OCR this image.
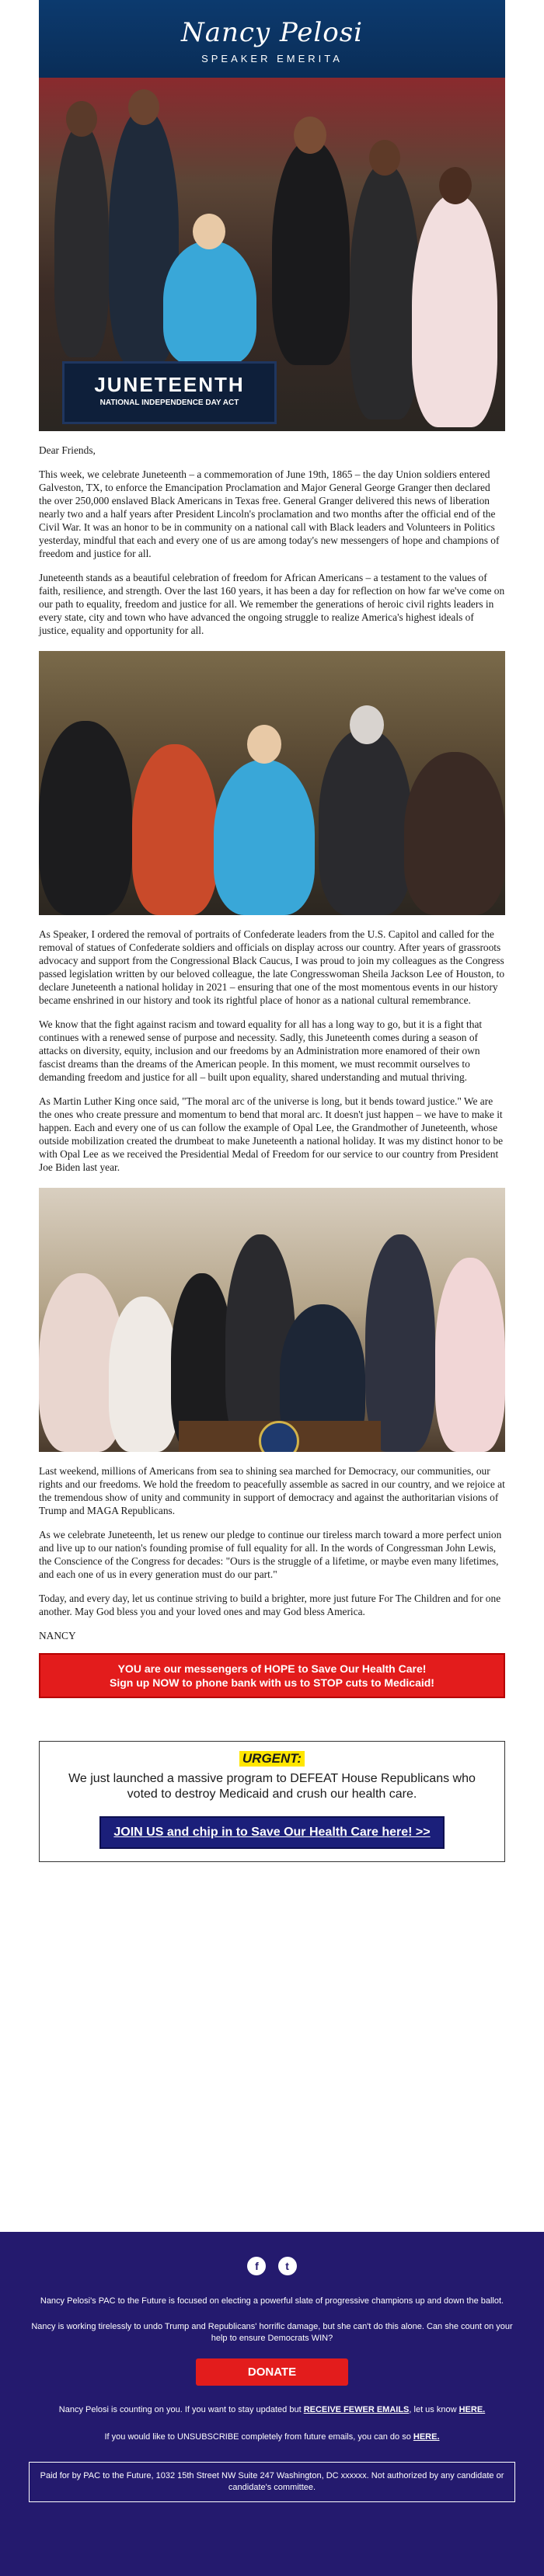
Nancy Pelosi
SPEAKER EMERITA
JUNETEENTH
NATIONAL INDEPENDENCE DAY ACT

Dear Friends,

This week, we celebrate Juneteenth – a commemoration of June 19th, 1865 – the day Union soldiers entered Galveston, TX, to enforce the Emancipation Proclamation and Major General George Granger then declared the over 250,000 enslaved Black Americans in Texas free. General Granger delivered this news of liberation nearly two and a half years after President Lincoln's proclamation and two months after the official end of the Civil War. It was an honor to be in community on a national call with Black leaders and Volunteers in Politics yesterday, mindful that each and every one of us are among today's new messengers of hope and champions of freedom and justice for all.

Juneteenth stands as a beautiful celebration of freedom for African Americans – a testament to the values of faith, resilience, and strength. Over the last 160 years, it has been a day for reflection on how far we've come on our path to equality, freedom and justice for all. We remember the generations of heroic civil rights leaders in every state, city and town who have advanced the ongoing struggle to realize America's highest ideals of justice, equality and opportunity for all.

As Speaker, I ordered the removal of portraits of Confederate leaders from the U.S. Capitol and called for the removal of statues of Confederate soldiers and officials on display across our country. After years of grassroots advocacy and support from the Congressional Black Caucus, I was proud to join my colleagues as the Congress passed legislation written by our beloved colleague, the late Congresswoman Sheila Jackson Lee of Houston, to declare Juneteenth a national holiday in 2021 – ensuring that one of the most momentous events in our history became enshrined in our history and took its rightful place of honor as a national cultural remembrance.

We know that the fight against racism and toward equality for all has a long way to go, but it is a fight that continues with a renewed sense of purpose and necessity. Sadly, this Juneteenth comes during a season of attacks on diversity, equity, inclusion and our freedoms by an Administration more enamored of their own fascist dreams than the dreams of the American people. In this moment, we must recommit ourselves to demanding freedom and justice for all – built upon equality, shared understanding and mutual thriving.

As Martin Luther King once said, "The moral arc of the universe is long, but it bends toward justice." We are the ones who create pressure and momentum to bend that moral arc. It doesn't just happen – we have to make it happen. Each and every one of us can follow the example of Opal Lee, the Grandmother of Juneteenth, whose outside mobilization created the drumbeat to make Juneteenth a national holiday. It was my distinct honor to be with Opal Lee as we received the Presidential Medal of Freedom for our service to our country from President Joe Biden last year.

Last weekend, millions of Americans from sea to shining sea marched for Democracy, our communities, our rights and our freedoms. We hold the freedom to peacefully assemble as sacred in our country, and we rejoice at the tremendous show of unity and community in support of democracy and against the authoritarian visions of Trump and MAGA Republicans.

As we celebrate Juneteenth, let us renew our pledge to continue our tireless march toward a more perfect union and live up to our nation's founding promise of full equality for all. In the words of Congressman John Lewis, the Conscience of the Congress for decades: "Ours is the struggle of a lifetime, or maybe even many lifetimes, and each one of us in every generation must do our part."

Today, and every day, let us continue striving to build a brighter, more just future For The Children and for one another. May God bless you and your loved ones and may God bless America.

NANCY

YOU are our messengers of HOPE to Save Our Health Care!
Sign up NOW to phone bank with us to STOP cuts to Medicaid!
URGENT:
We just launched a massive program to DEFEAT House Republicans who voted to destroy Medicaid and crush our health care.
JOIN US and chip in to Save Our Health Care here! >>
f t
Nancy Pelosi's PAC to the Future is focused on electing a powerful slate of progressive champions up and down the ballot.
Nancy is working tirelessly to undo Trump and Republicans' horrific damage, but she can't do this alone. Can she count on your help to ensure Democrats WIN?
DONATE
Nancy Pelosi is counting on you. If you want to stay updated but RECEIVE FEWER EMAILS, let us know HERE.
If you would like to UNSUBSCRIBE completely from future emails, you can do so HERE.
Paid for by PAC to the Future, 1032 15th Street NW Suite 247 Washington, DC xxxxxx. Not authorized by any candidate or candidate's committee.
